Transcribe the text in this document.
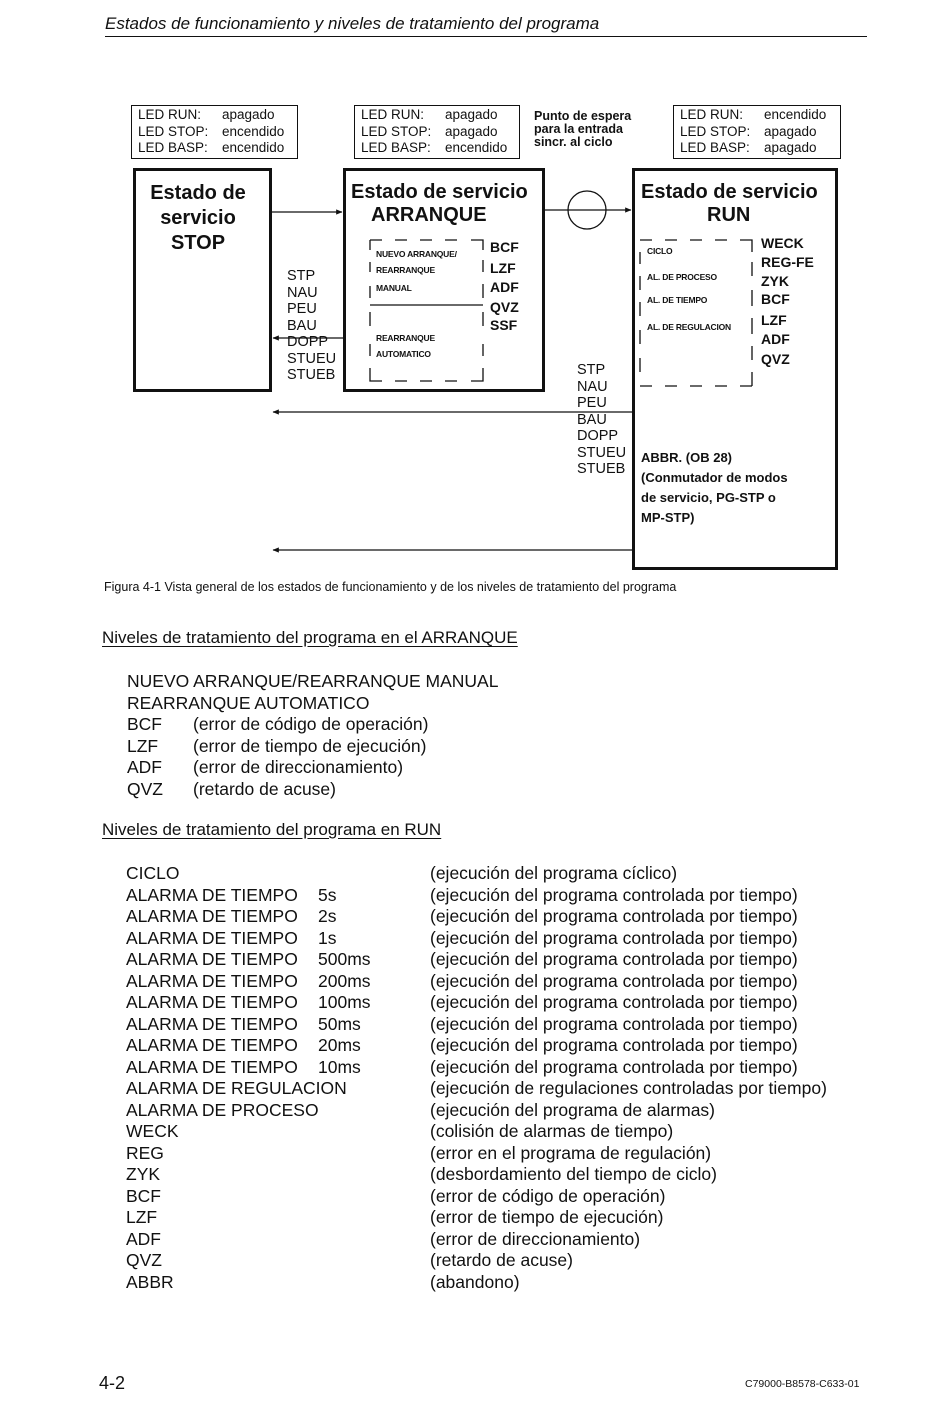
Estados de funcionamiento y niveles de tratamiento del programa
LED RUN:	apagado
LED STOP:	encendido
LED BASP:	encendido
LED RUN:	apagado
LED STOP:	apagado
LED BASP:	encendido
LED RUN:	encendido
LED STOP:	apagado
LED BASP:	apagado
Punto de espera
para la entrada
sincr. al ciclo
Estado de
servicio
STOP
Estado de servicio
ARRANQUE
Estado de servicio
RUN
NUEVO ARRANQUE/
REARRANQUE
MANUAL
REARRANQUE
AUTOMATICO
BCF
LZF
ADF
QVZ
SSF
CICLO
AL. DE PROCESO
AL. DE TIEMPO
AL. DE REGULACION
WECK
REG-FE
ZYK
BCF
LZF
ADF
QVZ
ABBR. (OB 28)
(Conmutador de modos
de servicio, PG-STP o
MP-STP)
STP
NAU
PEU
BAU
DOPP
STUEU
STUEB	STP
NAU
PEU
BAU
DOPP
STUEU
STUEB
Figura 4-1 Vista general de los estados de funcionamiento y de los niveles de tratamiento del programa
Niveles de tratamiento del programa en el ARRANQUE
NUEVO ARRANQUE/REARRANQUE MANUAL
REARRANQUE AUTOMATICO
BCF (error de código de operación)
LZF (error de tiempo de ejecución)
ADF (error de direccionamiento)
QVZ (retardo de acuse)
Niveles de tratamiento del programa en RUN
CICLO	(ejecución del programa cíclico)
ALARMA DE TIEMPO	5s	(ejecución del programa controlada por tiempo)
ALARMA DE TIEMPO	2s	(ejecución del programa controlada por tiempo)
ALARMA DE TIEMPO	1s	(ejecución del programa controlada por tiempo)
ALARMA DE TIEMPO	500ms	(ejecución del programa controlada por tiempo)
ALARMA DE TIEMPO	200ms	(ejecución del programa controlada por tiempo)
ALARMA DE TIEMPO	100ms	(ejecución del programa controlada por tiempo)
ALARMA DE TIEMPO	50ms	(ejecución del programa controlada por tiempo)
ALARMA DE TIEMPO	20ms	(ejecución del programa controlada por tiempo)
ALARMA DE TIEMPO	10ms	(ejecución del programa controlada por tiempo)
ALARMA DE REGULACION	(ejecución de regulaciones controladas por tiempo)
ALARMA DE PROCESO	(ejecución del programa de alarmas)
WECK	(colisión de alarmas de tiempo)
REG	(error en el programa de regulación)
ZYK	(desbordamiento del tiempo de ciclo)
BCF	(error de código de operación)
LZF	(error de tiempo de ejecución)
ADF	(error de direccionamiento)
QVZ	(retardo de acuse)
ABBR	(abandono)
4-2	C79000-B8578-C633-01
